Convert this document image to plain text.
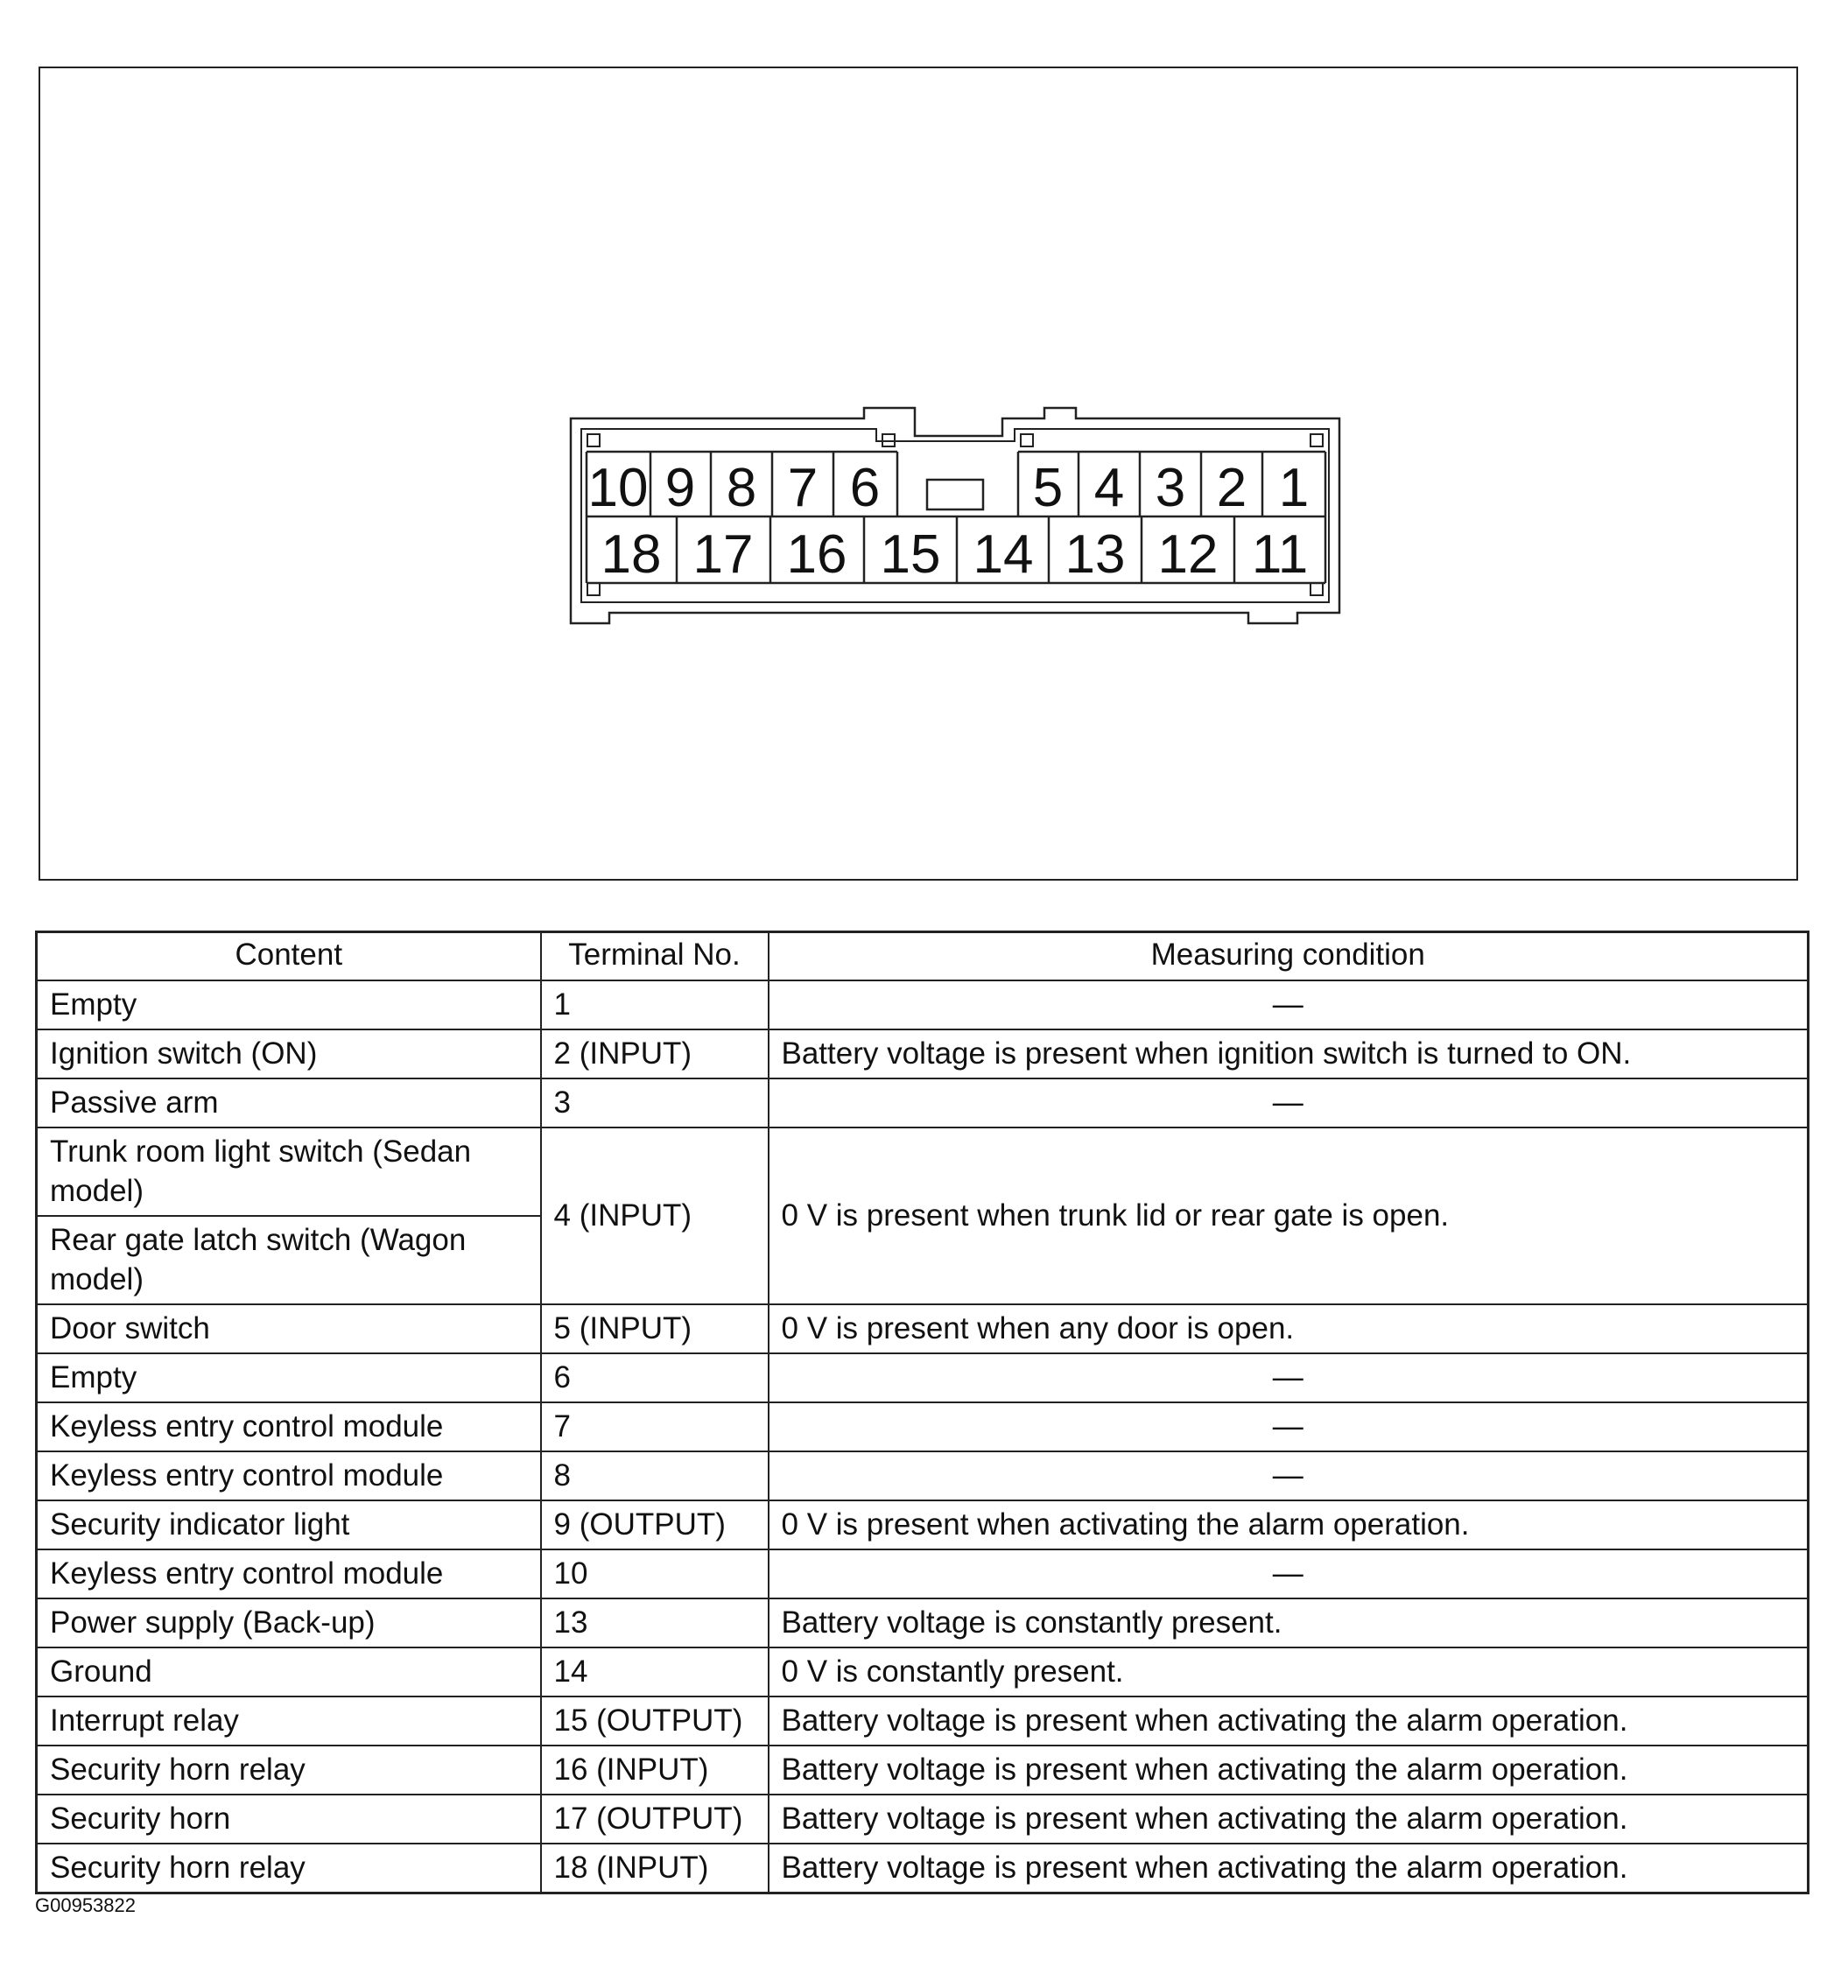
10 9 8 7 6	5 4 3 2 1
18 17 16 15 14 13 12 11
Content	Terminal No.	Measuring condition
Empty	1	—
Ignition switch (ON)	2 (INPUT)	Battery voltage is present when ignition switch is turned to ON.
Passive arm	3	—
Trunk room light switch (Sedan model)	4 (INPUT)	0 V is present when trunk lid or rear gate is open.
Rear gate latch switch (Wagon model)		
Door switch	5 (INPUT)	0 V is present when any door is open.
Empty	6	—
Keyless entry control module	7	—
Keyless entry control module	8	—
Security indicator light	9 (OUTPUT)	0 V is present when activating the alarm operation.
Keyless entry control module	10	—
Power supply (Back-up)	13	Battery voltage is constantly present.
Ground	14	0 V is constantly present.
Interrupt relay	15 (OUTPUT)	Battery voltage is present when activating the alarm operation.
Security horn relay	16 (INPUT)	Battery voltage is present when activating the alarm operation.
Security horn	17 (OUTPUT)	Battery voltage is present when activating the alarm operation.
Security horn relay	18 (INPUT)	Battery voltage is present when activating the alarm operation.
G00953822
